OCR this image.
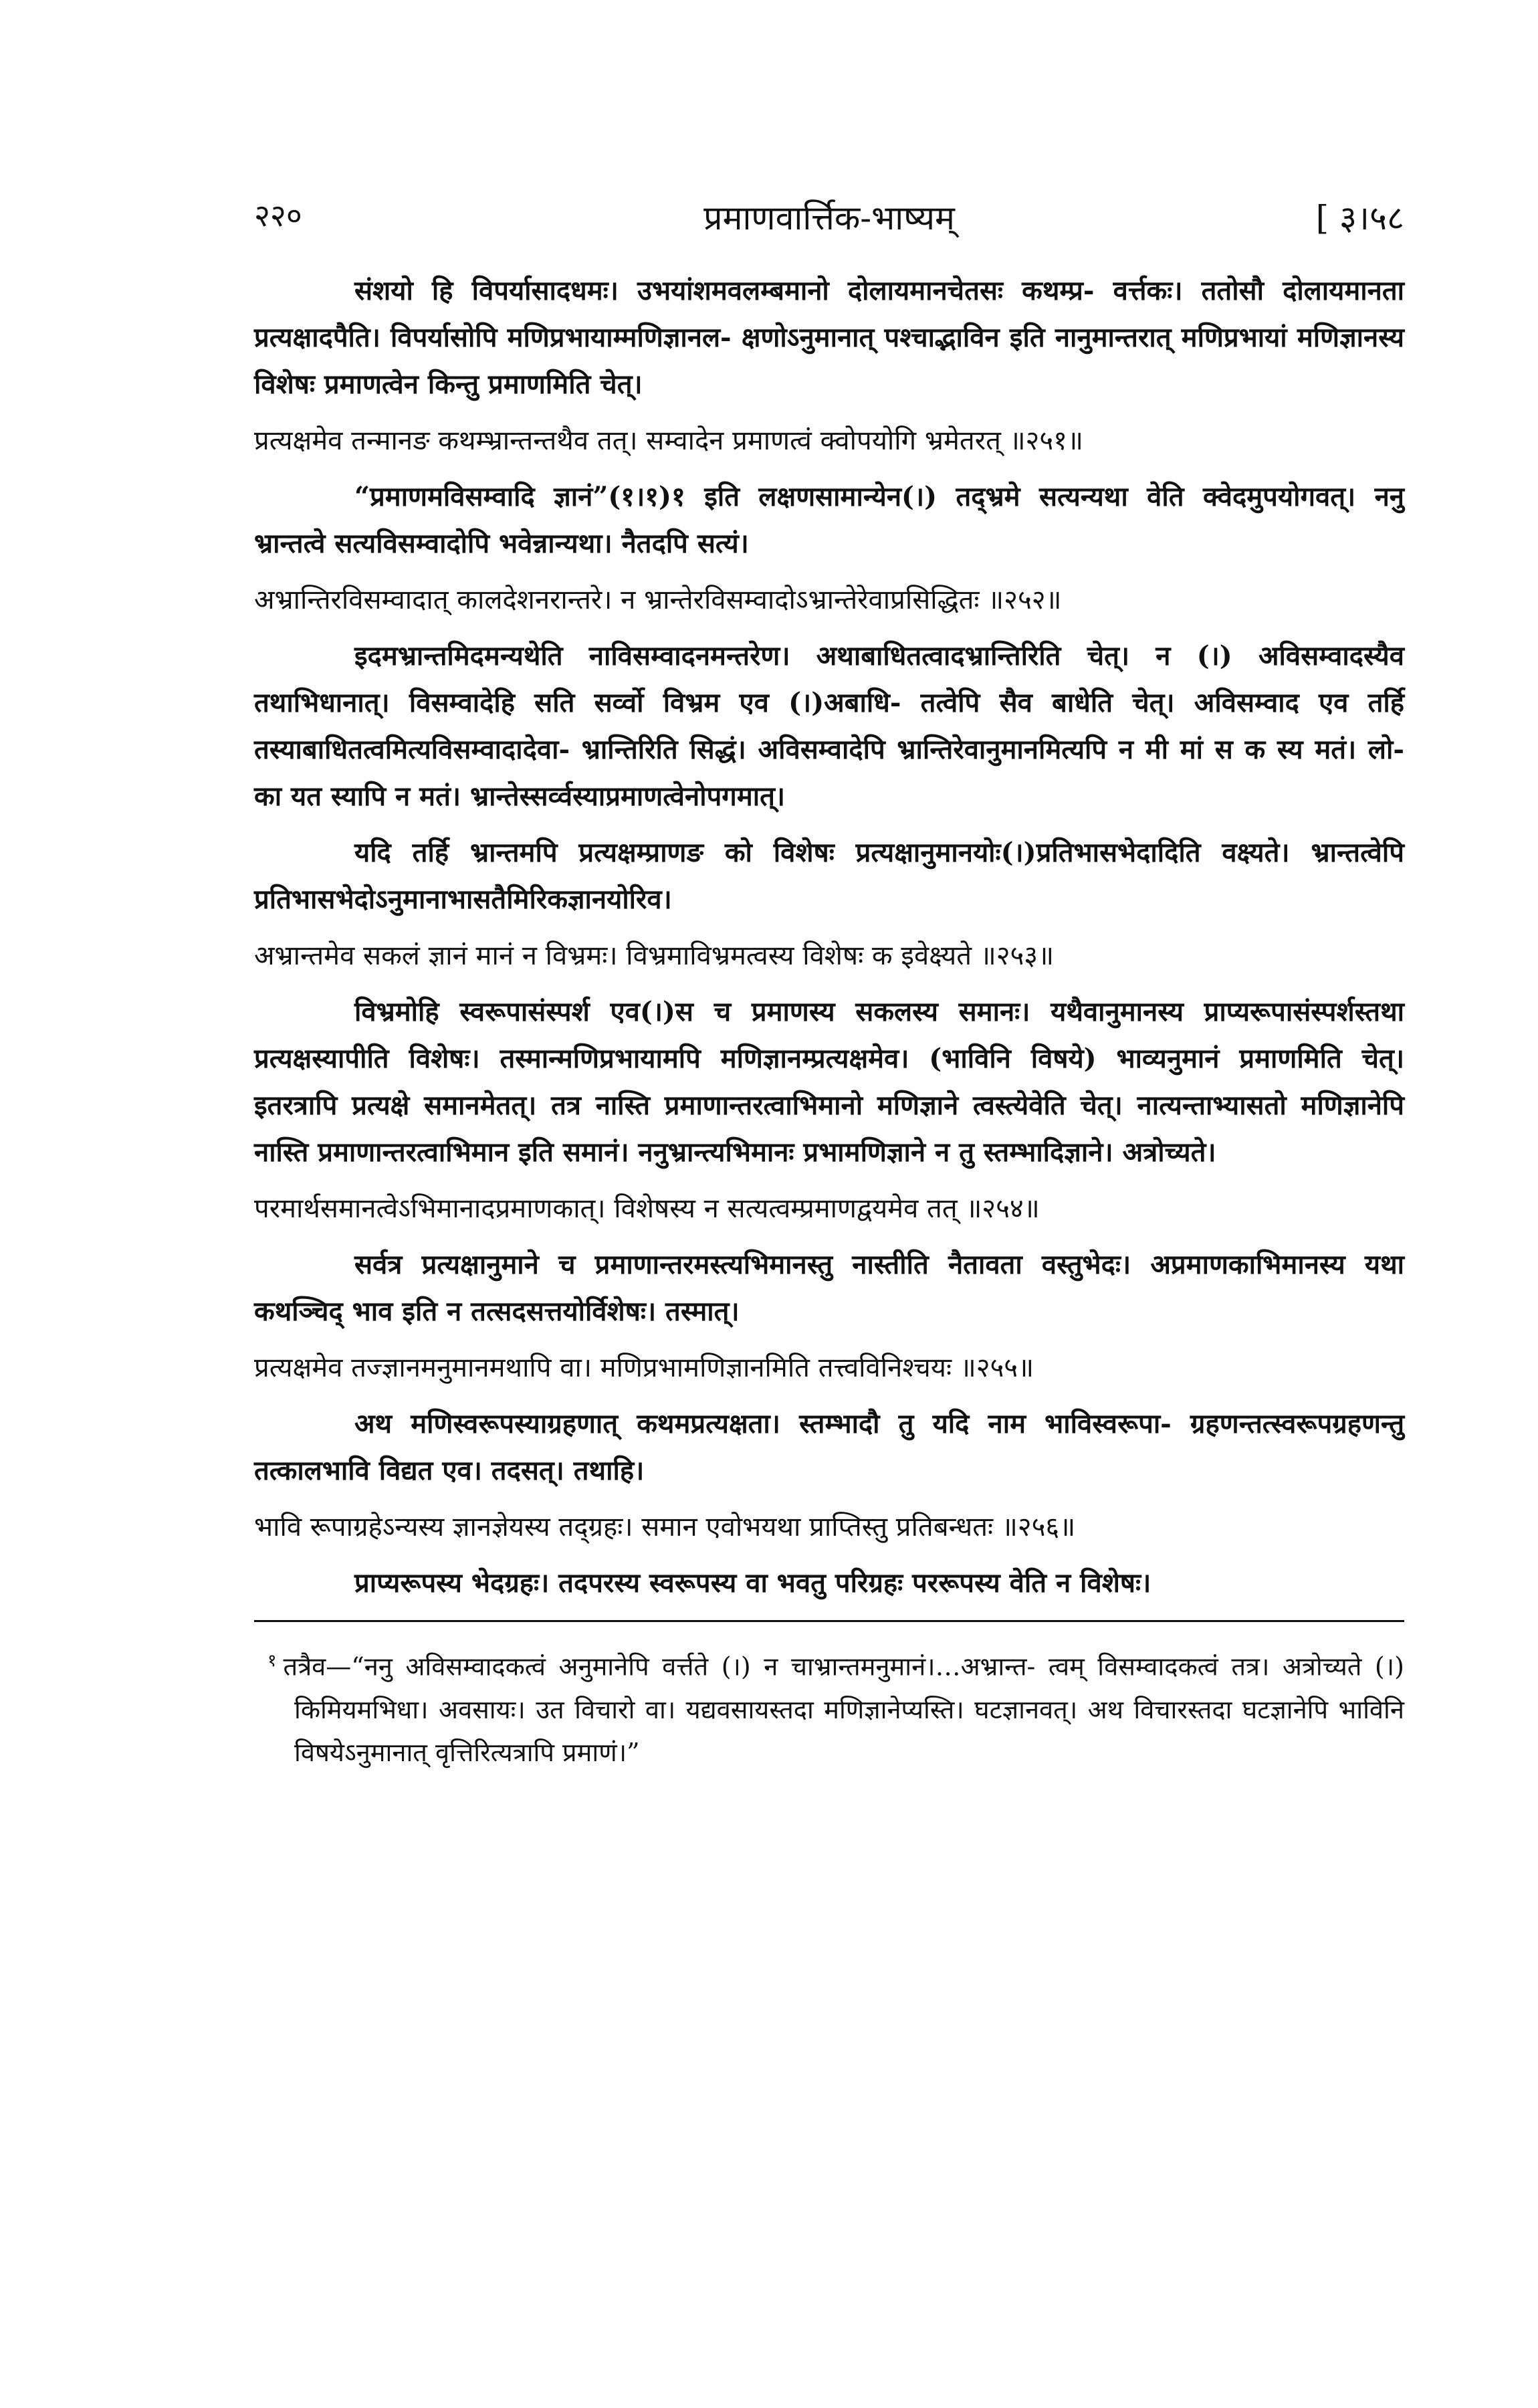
२२०	प्रमाणवार्त्तिक-भाष्यम्	[ ३।५८

संशयो हि विपर्यासादधमः। उभयांशमवलम्बमानो दोलायमानचेतसः कथम्प्र- वर्त्तकः। ततोसौ दोलायमानता प्रत्यक्षादपैति। विपर्यासोपि मणिप्रभायाम्मणिज्ञानल- क्षणोऽनुमानात् पश्चाद्भाविन इति नानुमान्तरात् मणिप्रभायां मणिज्ञानस्य विशेषः प्रमाणत्वेन किन्तु प्रमाणमिति चेत्।

प्रत्यक्षमेव तन्मानङ कथम्भ्रान्तन्तथैव तत्। सम्वादेन प्रमाणत्वं क्वोपयोगि भ्रमेतरत् ॥२५१॥

“प्रमाणमविसम्वादि ज्ञानं”(१।१)१ इति लक्षणसामान्येन(।) तद्भ्रमे सत्यन्यथा वेति क्वेदमुपयोगवत्। ननु भ्रान्तत्वे सत्यविसम्वादोपि भवेन्नान्यथा। नैतदपि सत्यं।

अभ्रान्तिरविसम्वादात् कालदेशनरान्तरे। न भ्रान्तेरविसम्वादोऽभ्रान्तेरेवाप्रसिद्धितः ॥२५२॥

इदमभ्रान्तमिदमन्यथेति नाविसम्वादनमन्तरेण। अथाबाधितत्वादभ्रान्तिरिति चेत्। न (।) अविसम्वादस्यैव तथाभिधानात्। विसम्वादेहि सति सर्व्वो विभ्रम एव (।)अबाधि- तत्वेपि सैव बाधेति चेत्। अविसम्वाद एव तर्हि तस्याबाधितत्वमित्यविसम्वादादेवा- भ्रान्तिरिति सिद्धं। अविसम्वादेपि भ्रान्तिरेवानुमानमित्यपि न मी मां स क स्य मतं। लो- का यत स्यापि न मतं। भ्रान्तेस्सर्व्वस्याप्रमाणत्वेनोपगमात्।

यदि तर्हि भ्रान्तमपि प्रत्यक्षम्प्राणङ को विशेषः प्रत्यक्षानुमानयोः(।)प्रतिभासभेदादिति वक्ष्यते। भ्रान्तत्वेपि प्रतिभासभेदोऽनुमानाभासतैमिरिकज्ञानयोरिव।

अभ्रान्तमेव सकलं ज्ञानं मानं न विभ्रमः। विभ्रमाविभ्रमत्वस्य विशेषः क इवेक्ष्यते ॥२५३॥

विभ्रमोहि स्वरूपासंस्पर्श एव(।)स च प्रमाणस्य सकलस्य समानः। यथैवानुमानस्य प्राप्यरूपासंस्पर्शस्तथा प्रत्यक्षस्यापीति विशेषः। तस्मान्मणिप्रभायामपि मणिज्ञानम्प्रत्यक्षमेव। (भाविनि विषये) भाव्यनुमानं प्रमाणमिति चेत्। इतरत्रापि प्रत्यक्षे समानमेतत्। तत्र नास्ति प्रमाणान्तरत्वाभिमानो मणिज्ञाने त्वस्त्येवेति चेत्। नात्यन्ताभ्यासतो मणिज्ञानेपि नास्ति प्रमाणान्तरत्वाभिमान इति समानं। ननुभ्रान्त्यभिमानः प्रभामणिज्ञाने न तु स्तम्भादिज्ञाने। अत्रोच्यते।

परमार्थसमानत्वेऽभिमानादप्रमाणकात्। विशेषस्य न सत्यत्वम्प्रमाणद्वयमेव तत् ॥२५४॥

सर्वत्र प्रत्यक्षानुमाने च प्रमाणान्तरमस्त्यभिमानस्तु नास्तीति नैतावता वस्तुभेदः। अप्रमाणकाभिमानस्य यथा कथञ्चिद् भाव इति न तत्सदसत्तयोर्विशेषः। तस्मात्।

प्रत्यक्षमेव तज्ज्ञानमनुमानमथापि वा। मणिप्रभामणिज्ञानमिति तत्त्वविनिश्चयः ॥२५५॥

अथ मणिस्वरूपस्याग्रहणात् कथमप्रत्यक्षता। स्तम्भादौ तु यदि नाम भाविस्वरूपा- ग्रहणन्तत्स्वरूपग्रहणन्तु तत्कालभावि विद्यत एव। तदसत्। तथाहि।

भावि रूपाग्रहेऽन्यस्य ज्ञानज्ञेयस्य तद्ग्रहः। समान एवोभयथा प्राप्तिस्तु प्रतिबन्धतः ॥२५६॥

प्राप्यरूपस्य भेदग्रहः। तदपरस्य स्वरूपस्य वा भवतु परिग्रहः पररूपस्य वेति न विशेषः।

$^१$ तत्रैव—“ननु अविसम्वादकत्वं अनुमानेपि वर्त्तते (।) न चाभ्रान्तमनुमानं।…अभ्रान्त- त्वम् विसम्वादकत्वं तत्र। अत्रोच्यते (।) किमियमभिधा। अवसायः। उत विचारो वा। यद्यवसायस्तदा मणिज्ञानेप्यस्ति। घटज्ञानवत्। अथ विचारस्तदा घटज्ञानेपि भाविनि विषयेऽनुमानात् वृत्तिरित्यत्रापि प्रमाणं।”
